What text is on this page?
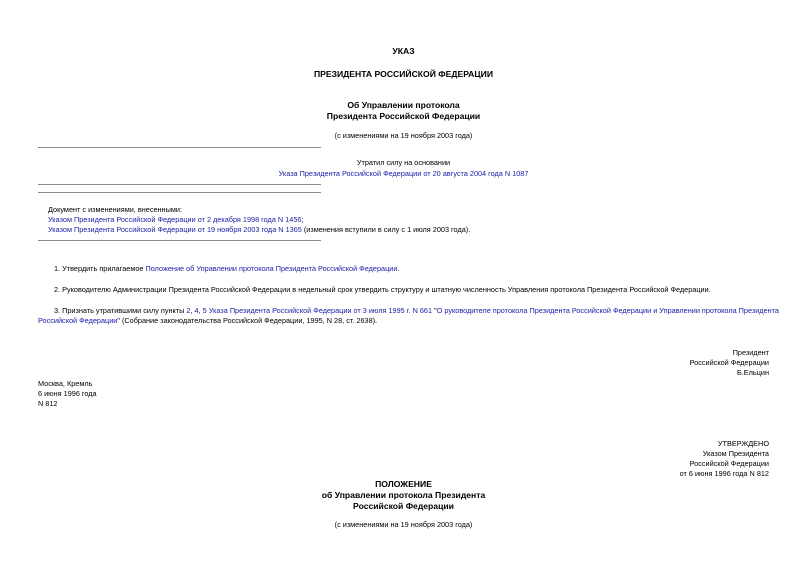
УКАЗ
ПРЕЗИДЕНТА РОССИЙСКОЙ ФЕДЕРАЦИИ
Об Управлении протокола
Президента Российской Федерации
(с изменениями на 19 ноября 2003 года)
Утратил силу на основании
Указа Президента Российской Федерации от 20 августа 2004 года N 1087
Документ с изменениями, внесенными:
Указом Президента Российской Федерации от 2 декабря 1998 года N 1456;
Указом Президента Российской Федерации от 19 ноября 2003 года N 1365 (изменения вступили в силу с 1 июля 2003 года).
1. Утвердить прилагаемое Положение об Управлении протокола Президента Российской Федерации.
2. Руководителю Администрации Президента Российской Федерации в недельный срок утвердить структуру и штатную численность Управления протокола Президента Российской Федерации.
3. Признать утратившими силу пункты 2, 4, 5 Указа Президента Российской Федерации от 3 июля 1995 г. N 661 "О руководителе протокола Президента Российской Федерации и Управлении протокола Президента
Российской Федерации" (Собрание законодательства Российской Федерации, 1995, N 28, ст. 2638).
Президент
Российской Федерации
Б.Ельцин
Москва, Кремль
6 июня 1996 года
N 812
УТВЕРЖДЕНО
Указом Президента
Российской Федерации
от 6 июня 1996 года N 812
ПОЛОЖЕНИЕ
об Управлении протокола Президента
Российской Федерации
(с изменениями на 19 ноября 2003 года)
